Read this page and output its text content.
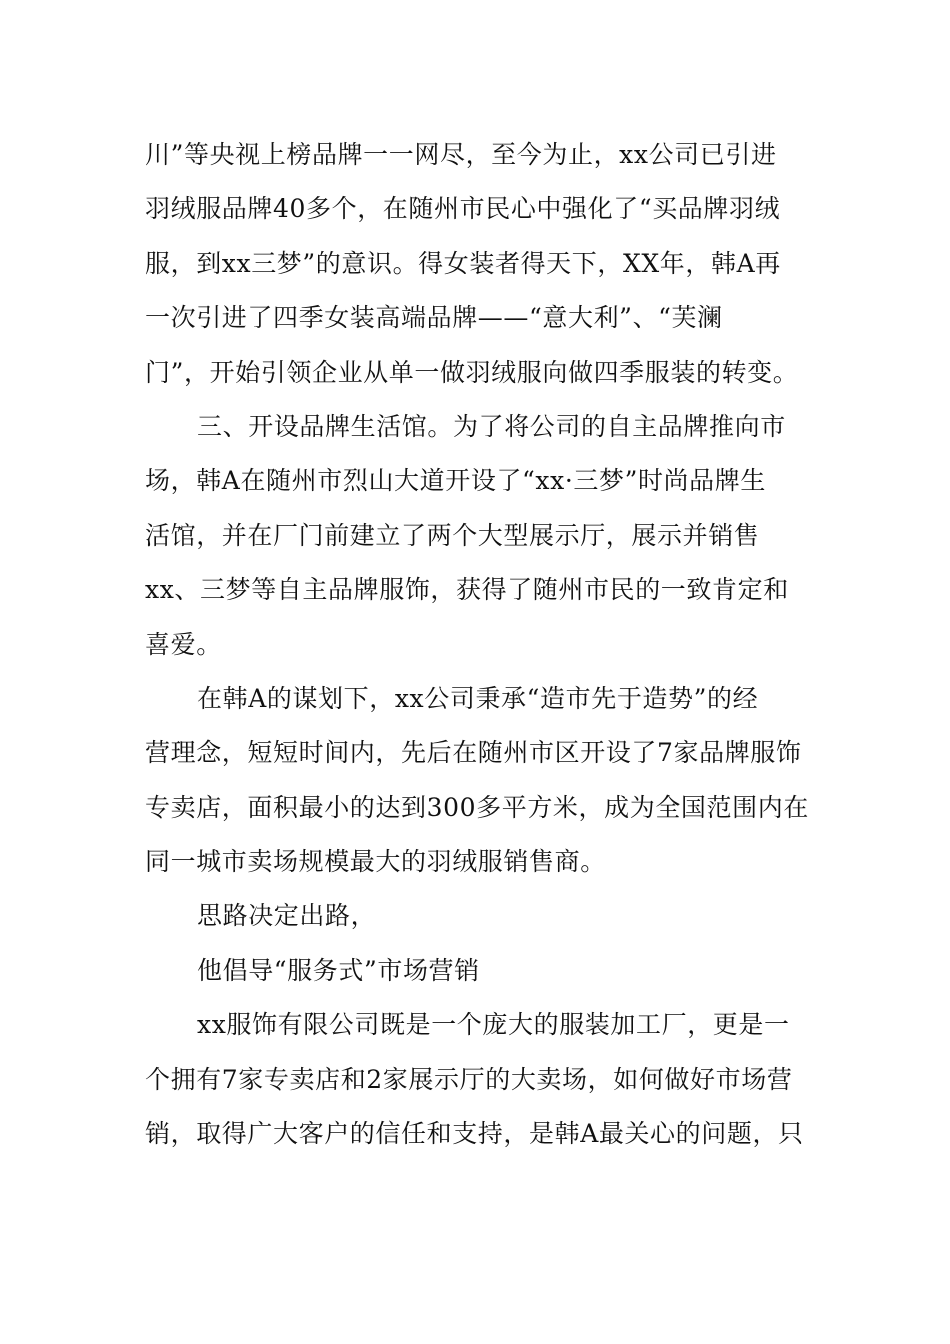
川”等央视上榜品牌一一网尽，至今为止，xx公司已引进
羽绒服品牌40多个，在随州市民心中强化了“买品牌羽绒
服，到xx三梦”的意识。得女装者得天下，XX年，韩A再
一次引进了四季女装高端品牌——“意大利”、“芙澜
门”，开始引领企业从单一做羽绒服向做四季服装的转变。
三、开设品牌生活馆。为了将公司的自主品牌推向市
场，韩A在随州市烈山大道开设了“xx·三梦”时尚品牌生
活馆，并在厂门前建立了两个大型展示厅，展示并销售
xx、三梦等自主品牌服饰，获得了随州市民的一致肯定和
喜爱。
在韩A的谋划下，xx公司秉承“造市先于造势”的经
营理念，短短时间内，先后在随州市区开设了7家品牌服饰
专卖店，面积最小的达到300多平方米，成为全国范围内在
同一城市卖场规模最大的羽绒服销售商。
思路决定出路，
他倡导“服务式”市场营销
xx服饰有限公司既是一个庞大的服装加工厂，更是一
个拥有7家专卖店和2家展示厅的大卖场，如何做好市场营
销，取得广大客户的信任和支持，是韩A最关心的问题，只
